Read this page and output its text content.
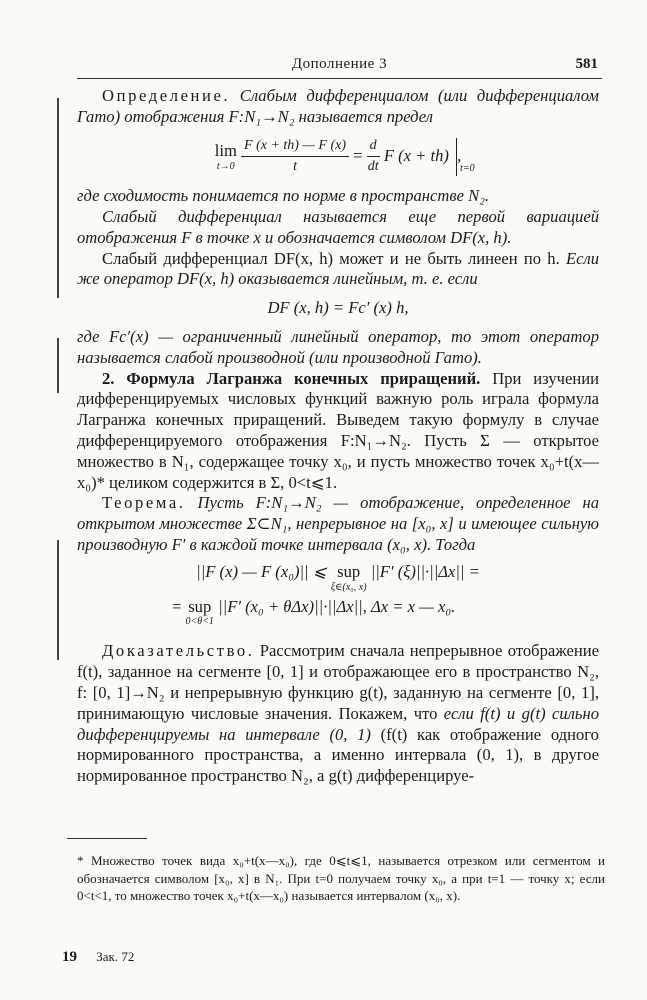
Дополнение 3	581

Определение. Слабым дифференциалом (или дифференциалом Гато) отображения F:N₁→N₂ называется предел

lim
t→0
$\frac{F (x + th) — F (x)}{t} = \frac{d}{dt}$ F (x + th)
t=0
,

где сходимость понимается по норме в пространстве N₂.

Слабый дифференциал называется еще первой вариацией отображения F в точке x и обозначается символом DF(x, h).

Слабый дифференциал DF(x, h) может и не быть линеен по h. Если же оператор DF(x, h) оказывается линейным, т. е. если

DF (x, h) = Fc′ (x) h,

где Fc′(x) — ограниченный линейный оператор, то этот оператор называется слабой производной (или производной Гато).

2. Формула Лагранжа конечных приращений. При изучении дифференцируемых числовых функций важную роль играла формула Лагранжа конечных приращений. Выведем такую формулу в случае дифференцируемого отображения F:N₁→N₂. Пусть Σ — открытое множество в N₁, содержащее точку x₀, и пусть множество точек x₀+t(x—x₀)* целиком содержится в Σ, 0<t⩽1.

Теорема. Пусть F:N₁→N₂ — отображение, определенное на открытом множестве Σ⊂N₁, непрерывное на [x₀, x] и имеющее сильную производную F′ в каждой точке интервала (x₀, x). Тогда

||F (x) — F (x₀)|| ⩽ sup
ξ∈(x₀, x)
||F′ (ξ)||·||Δx|| =
= sup
0<θ<1
||F′ (x₀ + θΔx)||·||Δx||, Δx = x — x₀.

Доказательство. Рассмотрим сначала непрерывное отображение f(t), заданное на сегменте [0, 1] и отображающее его в пространство N₂, f: [0, 1]→N₂ и непрерывную функцию g(t), заданную на сегменте [0, 1], принимающую числовые значения. Покажем, что если f(t) и g(t) сильно дифференцируемы на интервале (0, 1) (f(t) как отображение одного нормированного пространства, а именно интервала (0, 1), в другое нормированное пространство N₂, а g(t) дифференцируе-

* Множество точек вида x₀+t(x—x₀), где 0⩽t⩽1, называется отрезком или сегментом и обозначается символом [x₀, x] в N₁. При t=0 получаем точку x₀, а при t=1 — точку x; если 0<t<1, то множество точек x₀+t(x—x₀) называется интервалом (x₀, x).
19 Зак. 72
